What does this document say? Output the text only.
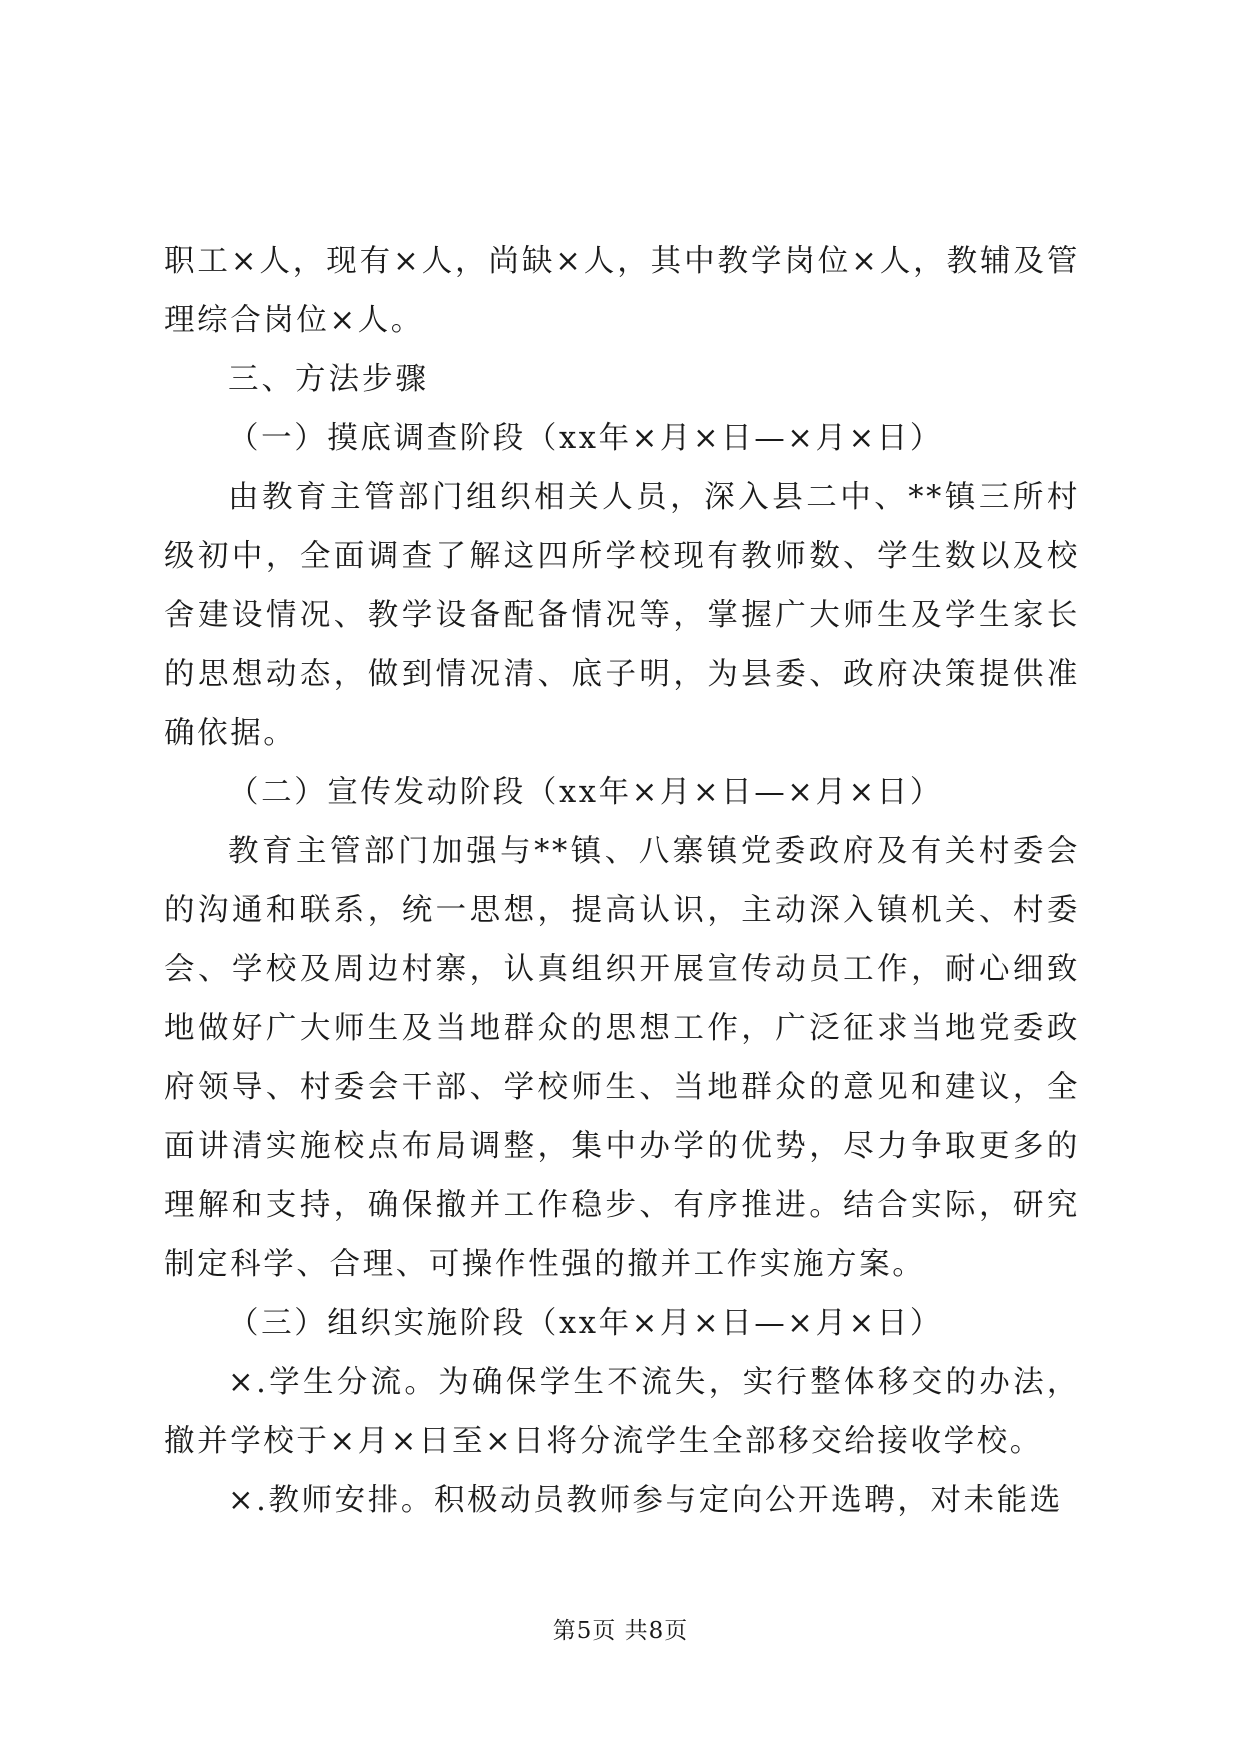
职工×人，现有×人，尚缺×人，其中教学岗位×人，教辅及管理综合岗位×人。

三、方法步骤

（一）摸底调查阶段（xx年×月×日—×月×日）

由教育主管部门组织相关人员，深入县二中、**镇三所村级初中，全面调查了解这四所学校现有教师数、学生数以及校舍建设情况、教学设备配备情况等，掌握广大师生及学生家长的思想动态，做到情况清、底子明，为县委、政府决策提供准确依据。

（二）宣传发动阶段（xx年×月×日—×月×日）

教育主管部门加强与**镇、八寨镇党委政府及有关村委会的沟通和联系，统一思想，提高认识，主动深入镇机关、村委会、学校及周边村寨，认真组织开展宣传动员工作，耐心细致地做好广大师生及当地群众的思想工作，广泛征求当地党委政府领导、村委会干部、学校师生、当地群众的意见和建议，全面讲清实施校点布局调整，集中办学的优势，尽力争取更多的理解和支持，确保撤并工作稳步、有序推进。结合实际，研究制定科学、合理、可操作性强的撤并工作实施方案。

（三）组织实施阶段（xx年×月×日—×月×日）

×.学生分流。为确保学生不流失，实行整体移交的办法，撤并学校于×月×日至×日将分流学生全部移交给接收学校。

×.教师安排。积极动员教师参与定向公开选聘，对未能选

第5页 共8页
